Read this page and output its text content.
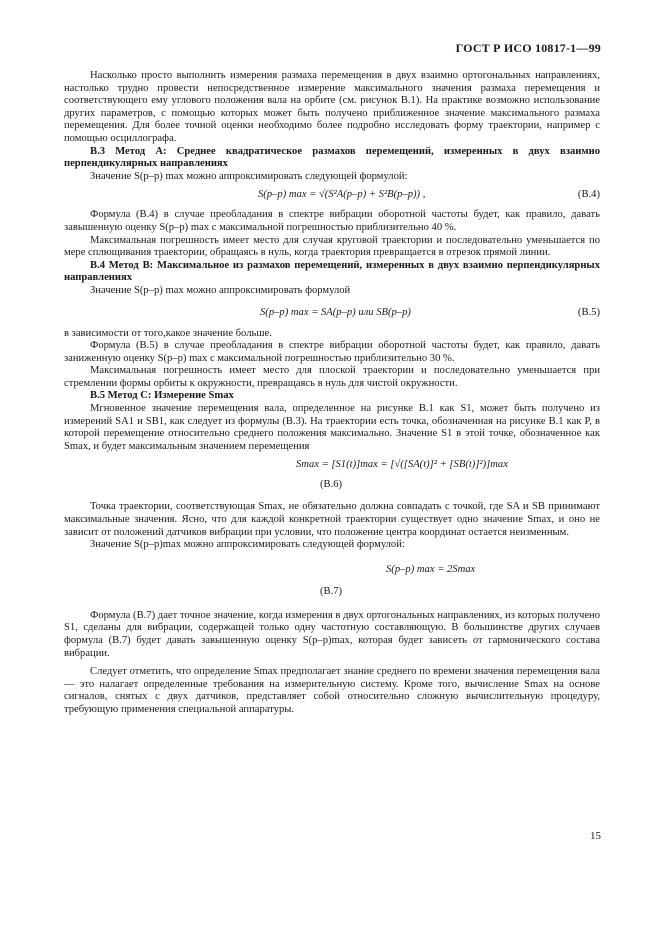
ГОСТ Р ИСО 10817-1—99

Насколько просто выполнить измерения размаха перемещения в двух взаимно ортогональных направлениях, настолько трудно провести непосредственное измерение максимального значения размаха перемещения и соответствующего ему углового положения вала на орбите (см. рисунок В.1). На практике возможно использование других параметров, с помощью которых может быть получено приближенное значение максимального размаха перемещения. Для более точной оценки необходимо более подробно исследовать форму траектории, например с помощью осциллографа.

В.3 Метод А: Среднее квадратическое размахов перемещений, измеренных в двух взаимно перпендикулярных направлениях

Значение S(p–p) max можно аппроксимировать следующей формулой:

S(p–p) max = √(S²A(p–p) + S²B(p–p)) ,	(В.4)

Формула (В.4) в случае преобладания в спектре вибрации оборотной частоты будет, как правило, давать завышенную оценку S(p–p) max с максимальной погрешностью приблизительно 40 %.

Максимальная погрешность имеет место для случая круговой траектории и последовательно уменьшается по мере сплющивания траектории, обращаясь в нуль, когда траектория превращается в отрезок прямой линии.

В.4 Метод В: Максимальное из размахов перемещений, измеренных в двух взаимно перпендикулярных направлениях

Значение S(p–p) max можно аппроксимировать формулой

S(p–p) max = SA(p–p) или SB(p–p)	(В.5)

в зависимости от того,какое значение больше.

Формула (В.5) в случае преобладания в спектре вибрации оборотной частоты будет, как правило, давать заниженную оценку S(p–p) max с максимальной погрешностью приблизительно 30 %.

Максимальная погрешность имеет место для плоской траектории и последовательно уменьшается при стремлении формы орбиты к окружности, превращаясь в нуль для чистой окружности.

В.5 Метод С: Измерение Smax

Мгновенное значение перемещения вала, определенное на рисунке В.1 как S1, может быть получено из измерений SA1 и SB1, как следует из формулы (В.3). На траектории есть точка, обозначенная на рисунке В.1 как P, в которой перемещение относительно среднего положения максимально. Значение S1 в этой точке, обозначенное как Smax, и будет максимальным значением перемещения

Smax = [S1(t)]max = [√([SA(t)]² + [SB(t)]²)]max
(В.6)

Точка траектории, соответствующая Smax, не обязательно должна совпадать с точкой, где SA и SB принимают максимальные значения. Ясно, что для каждой конкретной траектории существует одно значение Smax, и оно не зависит от положений датчиков вибрации при условии, что положение центра координат остается неизменным.

Значение S(p–p)max можно аппроксимировать следующей формулой:

S(p–p) max = 2Smax
(В.7)

Формула (В.7) дает точное значение, когда измерения в двух ортогональных направлениях, из которых получено S1, сделаны для вибрации, содержащей только одну частотную составляющую. В большинстве других случаев формула (В.7) будет давать завышенную оценку S(p–p)max, которая будет зависеть от гармонического состава вибрации.

Следует отметить, что определение Smax предполагает знание среднего по времени значения перемещения вала — это налагает определенные требования на измерительную систему. Кроме того, вычисление Smax на основе сигналов, снятых с двух датчиков, представляет собой относительно сложную вычислительную процедуру, требующую применения специальной аппаратуры.

15
